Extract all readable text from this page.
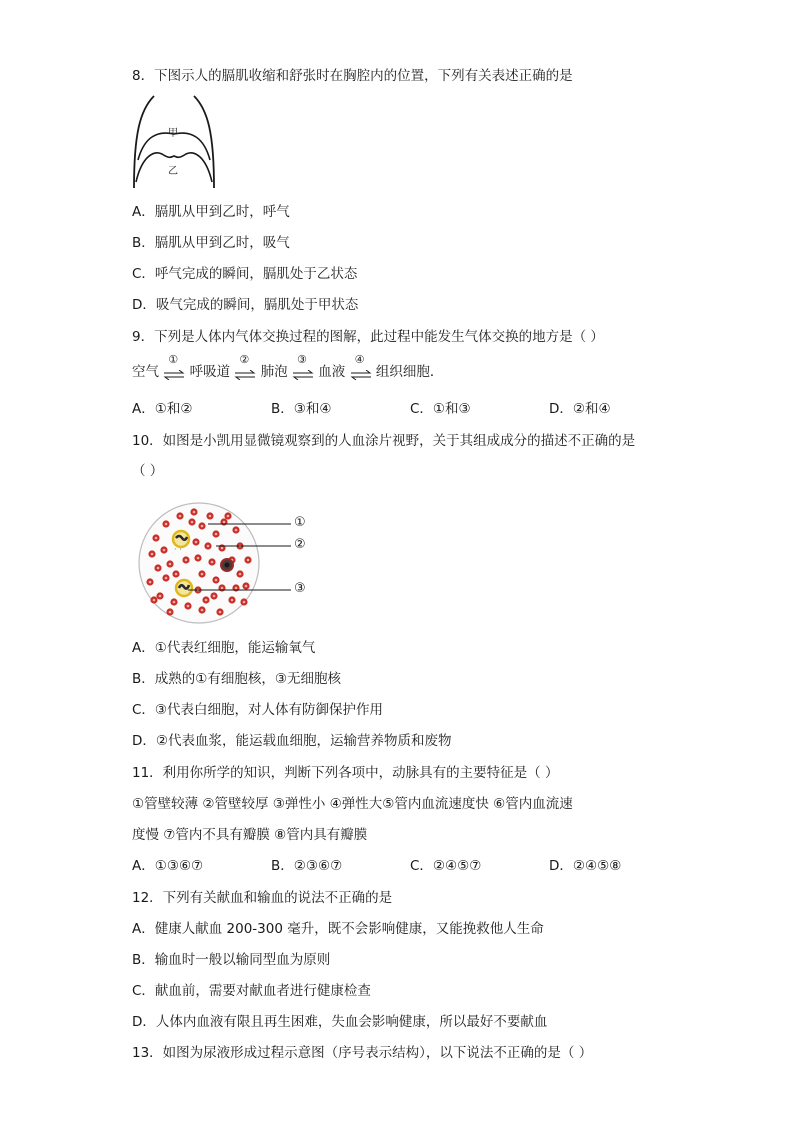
8．下图示人的膈肌收缩和舒张时在胸腔内的位置，下列有关表述正确的是
甲
乙
A．膈肌从甲到乙时，呼气
B．膈肌从甲到乙时，吸气
C．呼气完成的瞬间，膈肌处于乙状态
D．吸气完成的瞬间，膈肌处于甲状态
9．下列是人体内气体交换过程的图解，此过程中能发生气体交换的地方是（ ）
空气
①
呼吸道
②
肺泡
③
血液
④
组织细胞．
A．①和②	B．③和④	C．①和③	D．②和④
10．如图是小凯用显微镜观察到的人血涂片视野，关于其组成成分的描述不正确的是
（ ）
· ·
①
②
③
A．①代表红细胞，能运输氧气
B．成熟的①有细胞核，③无细胞核
C．③代表白细胞，对人体有防御保护作用
D．②代表血浆，能运载血细胞，运输营养物质和废物
11．利用你所学的知识，判断下列各项中，动脉具有的主要特征是（ ）
①管壁较薄 ②管壁较厚 ③弹性小 ④弹性大⑤管内血流速度快 ⑥管内血流速
度慢 ⑦管内不具有瓣膜 ⑧管内具有瓣膜
A．①③⑥⑦	B．②③⑥⑦	C．②④⑤⑦	D．②④⑤⑧
12．下列有关献血和输血的说法不正确的是
A．健康人献血 200-300 毫升，既不会影响健康，又能挽救他人生命
B．输血时一般以输同型血为原则
C．献血前，需要对献血者进行健康检查
D．人体内血液有限且再生困难，失血会影响健康，所以最好不要献血
13．如图为尿液形成过程示意图（序号表示结构），以下说法不正确的是（ ）
